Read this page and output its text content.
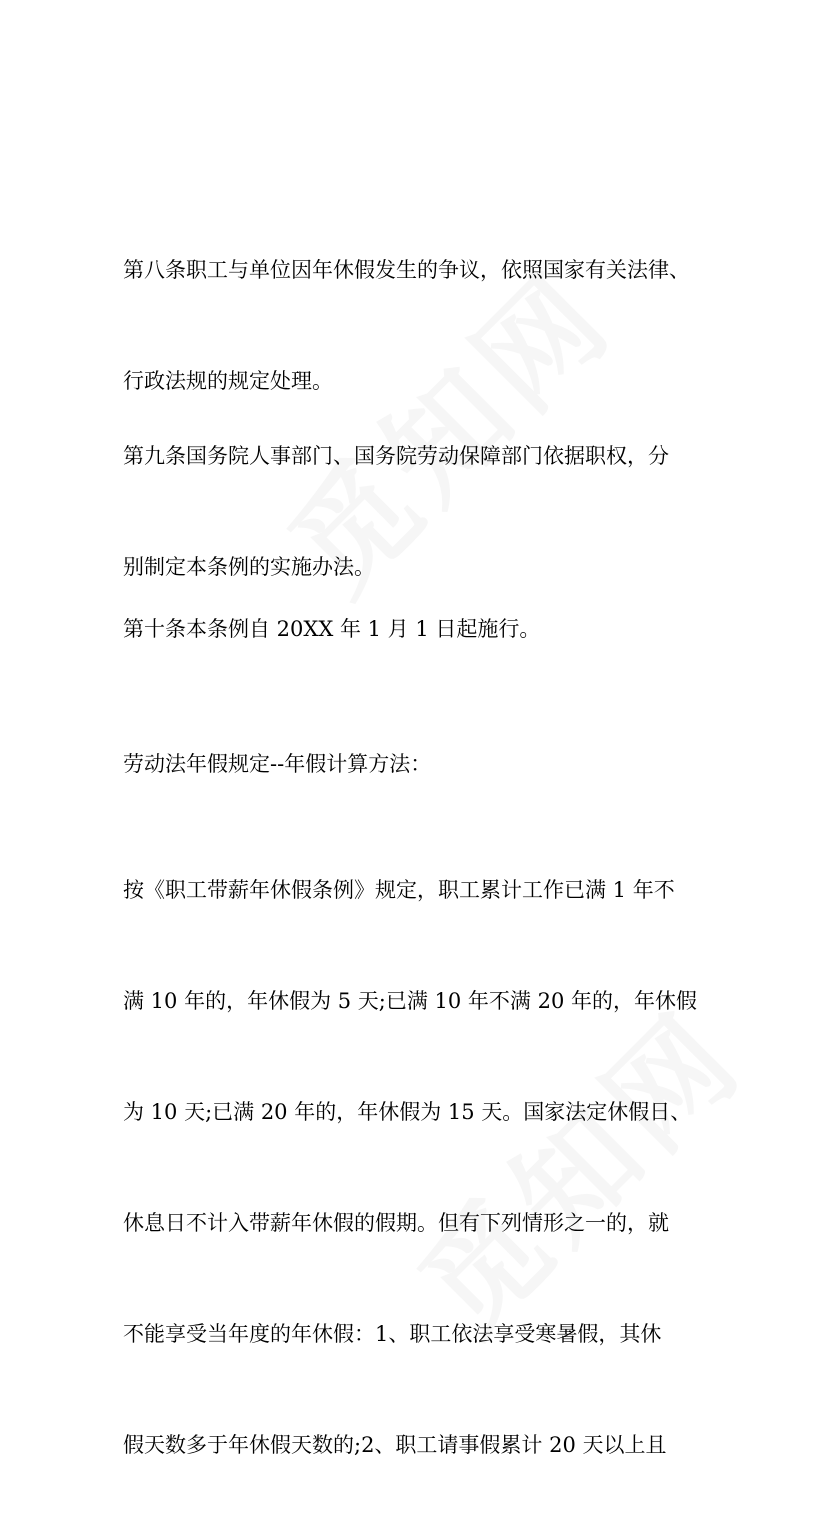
第八条职工与单位因年休假发生的争议，依照国家有关法律、

行政法规的规定处理。

第九条国务院人事部门、国务院劳动保障部门依据职权，分

别制定本条例的实施办法。

第十条本条例自 20XX 年 1 月 1 日起施行。

劳动法年假规定--年假计算方法：

按《职工带薪年休假条例》规定，职工累计工作已满 1 年不

满 10 年的，年休假为 5 天;已满 10 年不满 20 年的，年休假

为 10 天;已满 20 年的，年休假为 15 天。国家法定休假日、

休息日不计入带薪年休假的假期。但有下列情形之一的，就

不能享受当年度的年休假：1、职工依法享受寒暑假，其休

假天数多于年休假天数的;2、职工请事假累计 20 天以上且
